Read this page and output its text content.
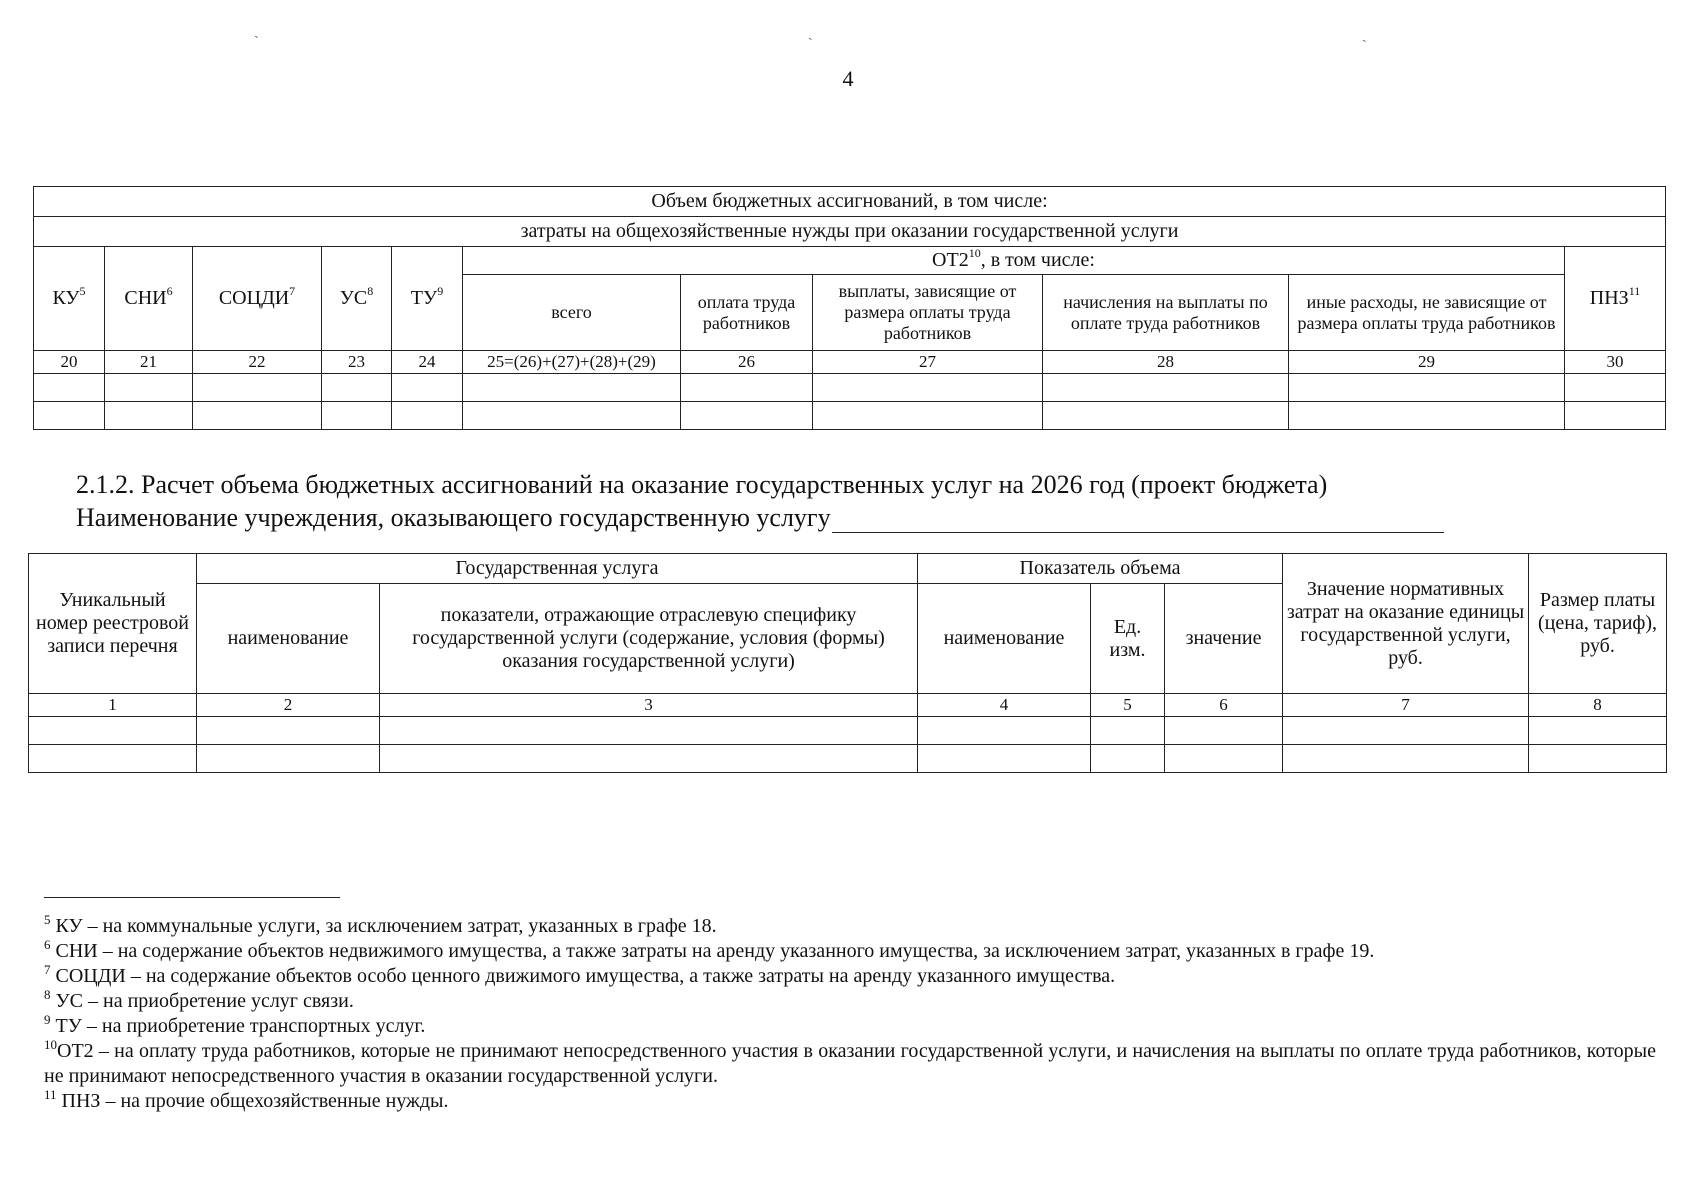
ˏ	ˏ	ˏ
4
Объем бюджетных ассигнований, в том числе:										
затраты на общехозяйственные нужды при оказании государственной услуги										
$КУ^5$	СНИ$^6$	СОЦДИ$^7$	$УС^8$	$ТУ^9$	$ОТ2^{10}$, в том числе:					ПНЗ$^{11}$
					всего	оплата труда работников	выплаты, зависящие от размера оплаты труда работников	начисления на выплаты по оплате труда работников	иные расходы, не зависящие от размера оплаты труда работников	
20	21	22	23	24	25=(26)+(27)+(28)+(29)	26	27	28	29	30

2.1.2. Расчет объема бюджетных ассигнований на оказание государственных услуг на 2026 год (проект бюджета)
Наименование учреждения, оказывающего государственную услугу
Уникальный номер реестровой записи перечня	Государственная услуга		Показатель объема			Значение нормативных затрат на оказание единицы государственной услуги, руб.	Размер платы (цена, тариф), руб.
	наименование	показатели, отражающие отраслевую специфику государственной услуги (содержание, условия (формы) оказания государственной услуги)	наименование	Ед. изм.	значение		
1	2	3	4	5	6	7	8

$^5$ КУ – на коммунальные услуги, за исключением затрат, указанных в графе 18.

$^6$ СНИ – на содержание объектов недвижимого имущества, а также затраты на аренду указанного имущества, за исключением затрат, указанных в графе 19.

$^7$ СОЦДИ – на содержание объектов особо ценного движимого имущества, а также затраты на аренду указанного имущества.

$^8$ УС – на приобретение услуг связи.

$^9$ ТУ – на приобретение транспортных услуг.

$^{10}$ОТ2 – на оплату труда работников, которые не принимают непосредственного участия в оказании государственной услуги, и начисления на выплаты по оплате труда работников, которые не принимают непосредственного участия в оказании государственной услуги.

$^{11}$ ПНЗ – на прочие общехозяйственные нужды.
